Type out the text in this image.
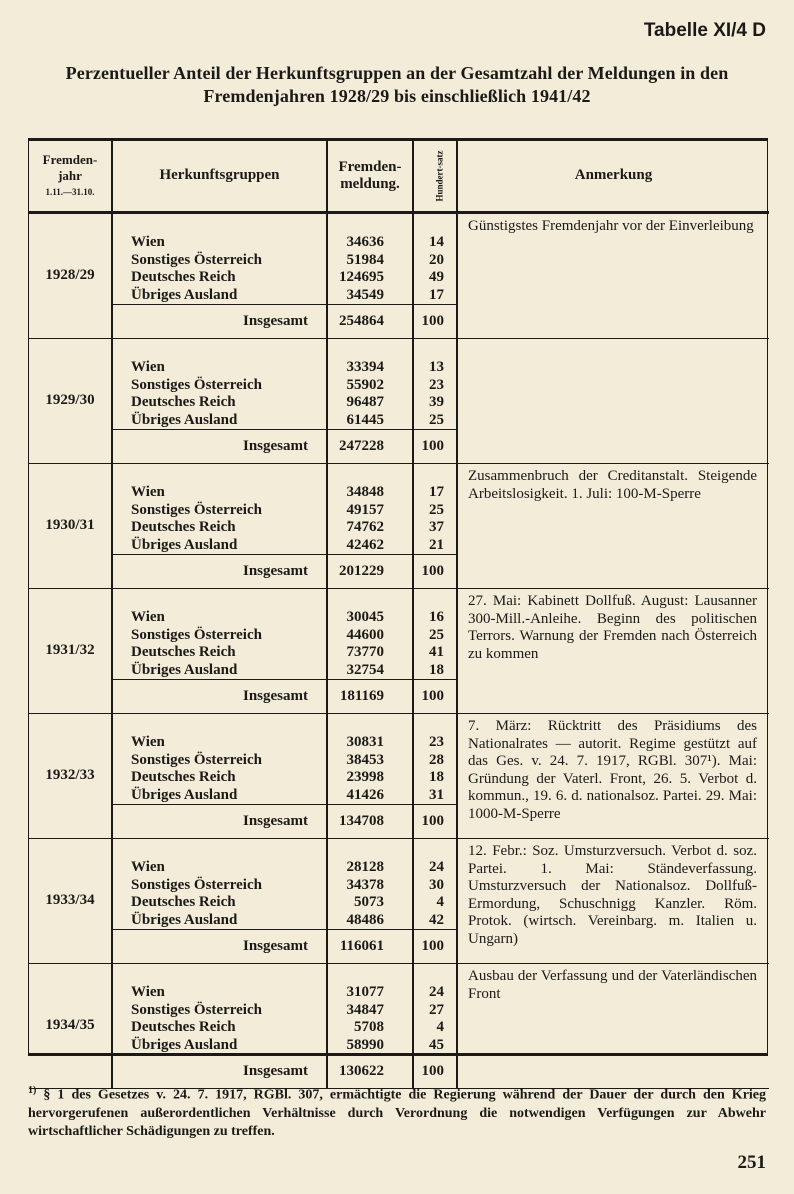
Tabelle XI/4 D
Perzentueller Anteil der Herkunftsgruppen an der Gesamtzahl der Meldungen in den Fremdenjahren 1928/29 bis einschließlich 1941/42
Fremden-
jahr
1.11.—31.10.	Herkunftsgruppen	Fremden-
meldung.	Hundert-satz	Anmerkung
1928/29	Wien	34636	14	Günstigstes Fremdenjahr vor der Einverleibung
	Sonstiges Österreich	51984	20	
	Deutsches Reich	124695	49	
	Übriges Ausland	34549	17	
	Insgesamt	254864	100	
1929/30	Wien	33394	13	
	Sonstiges Österreich	55902	23	
	Deutsches Reich	96487	39	
	Übriges Ausland	61445	25	
	Insgesamt	247228	100	
1930/31	Wien	34848	17	Zusammenbruch der Creditanstalt. Steigende Arbeitslosigkeit. 1. Juli: 100-M-Sperre
	Sonstiges Österreich	49157	25	
	Deutsches Reich	74762	37	
	Übriges Ausland	42462	21	
	Insgesamt	201229	100	
1931/32	Wien	30045	16	27. Mai: Kabinett Dollfuß. August: Lausanner 300-Mill.-Anleihe. Beginn des politischen Terrors. Warnung der Fremden nach Österreich zu kommen
	Sonstiges Österreich	44600	25	
	Deutsches Reich	73770	41	
	Übriges Ausland	32754	18	
	Insgesamt	181169	100	
1932/33	Wien	30831	23	7. März: Rücktritt des Präsidiums des Nationalrates — autorit. Regime gestützt auf das Ges. v. 24. 7. 1917, RGBl. 307¹). Mai: Gründung der Vaterl. Front, 26. 5. Verbot d. kommun., 19. 6. d. nationalsoz. Partei. 29. Mai: 1000-M-Sperre
	Sonstiges Österreich	38453	28	
	Deutsches Reich	23998	18	
	Übriges Ausland	41426	31	
	Insgesamt	134708	100	
1933/34	Wien	28128	24	12. Febr.: Soz. Umsturzversuch. Verbot d. soz. Partei. 1. Mai: Ständeverfassung. Umsturzversuch der Nationalsoz. Dollfuß-Ermordung, Schuschnigg Kanzler. Röm. Protok. (wirtsch. Vereinbarg. m. Italien u. Ungarn)
	Sonstiges Österreich	34378	30	
	Deutsches Reich	5073	4	
	Übriges Ausland	48486	42	
	Insgesamt	116061	100	
1934/35	Wien	31077	24	Ausbau der Verfassung und der Vaterländischen Front
	Sonstiges Österreich	34847	27	
	Deutsches Reich	5708	4	
	Übriges Ausland	58990	45	
	Insgesamt	130622	100	
$^{1)}$ § 1 des Gesetzes v. 24. 7. 1917, RGBl. 307, ermächtigte die Regierung während der Dauer der durch den Krieg hervorgerufenen außerordentlichen Verhältnisse durch Verordnung die notwendigen Verfügungen zur Abwehr wirtschaftlicher Schädigungen zu treffen.
251
